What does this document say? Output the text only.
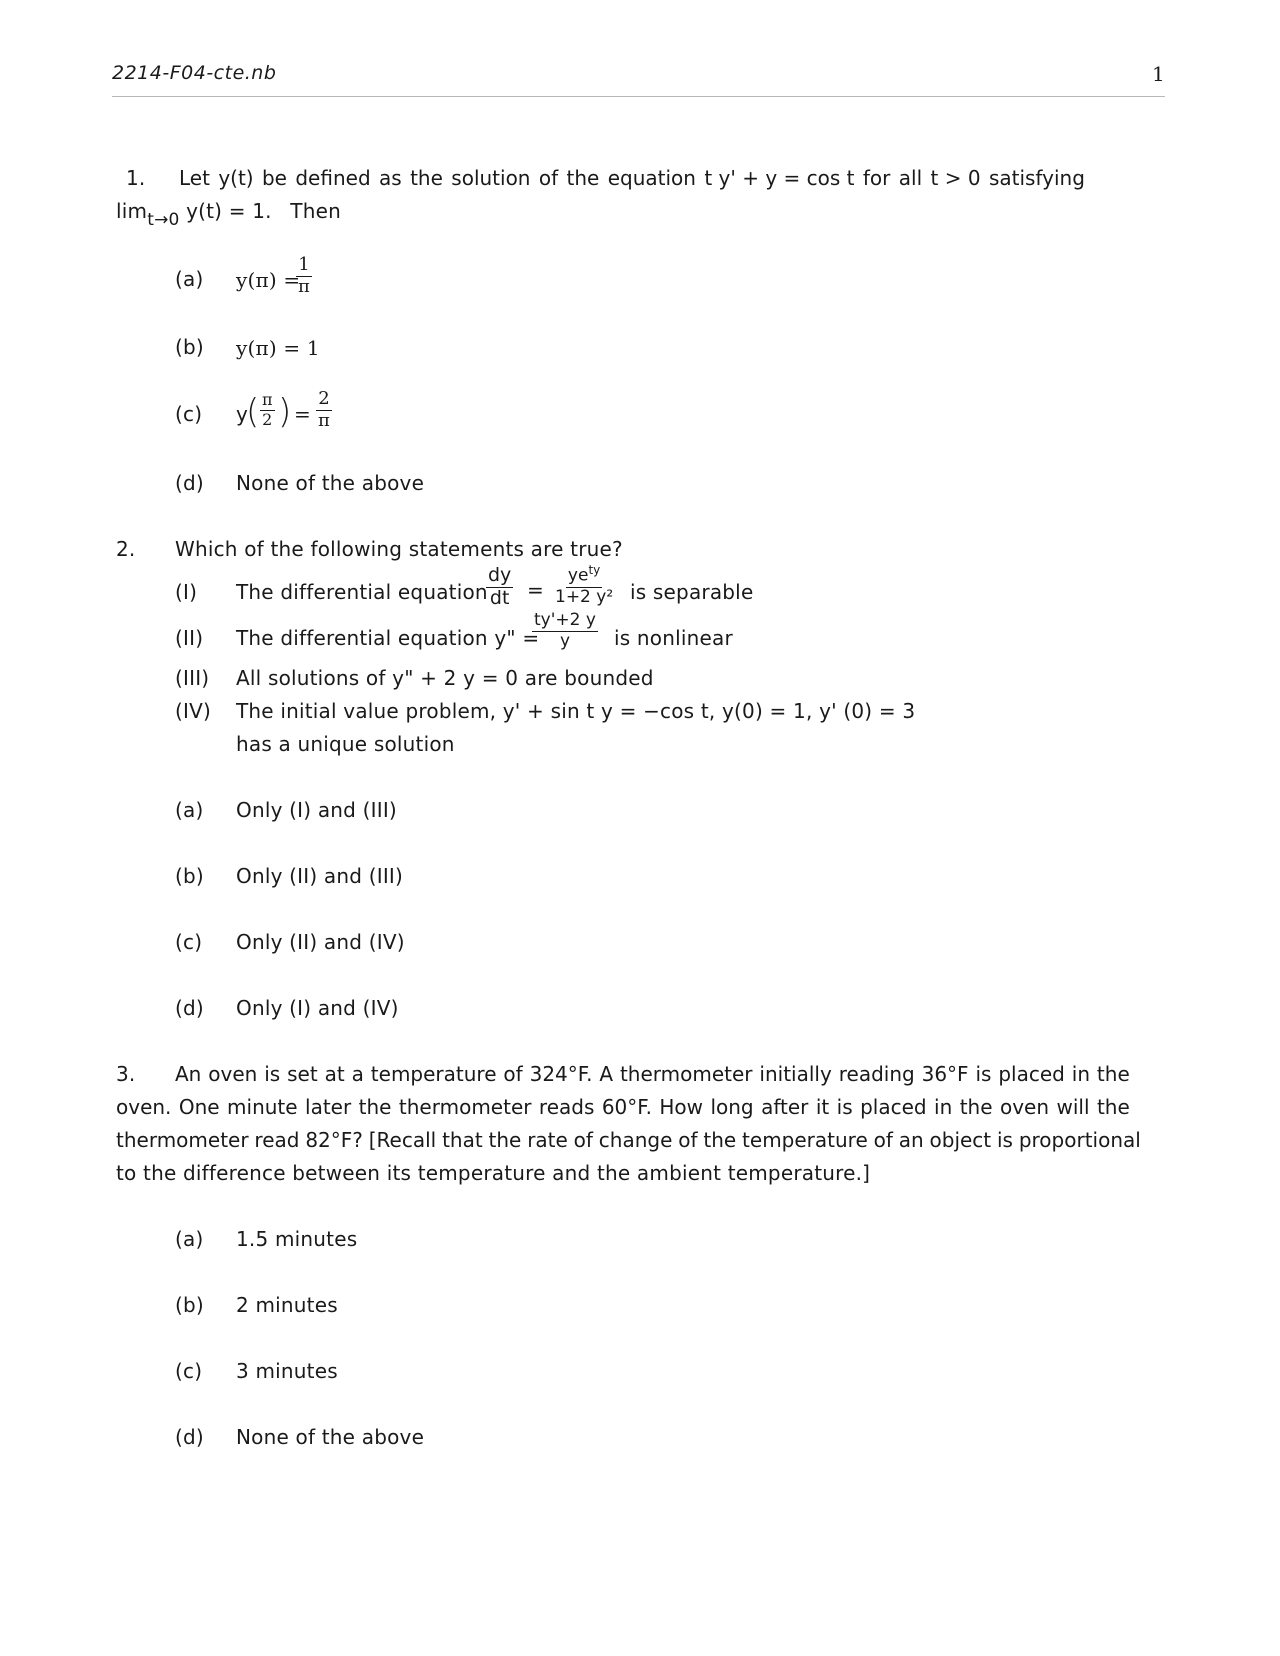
2214-F04-cte.nb	1
1. Let y(t) be defined as the solution of the equation t y' + y = cos t for all t > 0 satisfying
$\lim_{t\to 0} y(t) = 1$. Then
(a) y(π) =
$\frac{1}{\pi}$
(b) y(π) = 1
(c) y
( $\frac{\pi}{2}$ ) = $\frac{2}{\pi}$
(d) None of the above
2. Which of the following statements are true?
(I) The differential equation
$\frac{dy}{dt}$ =
$ye^{ty}$
1+2 y² is separable
(II) The differential equation y" =
$\frac{ty'+2 y}{y}$ is nonlinear
(III) All solutions of y" + 2 y = 0 are bounded
(IV) The initial value problem, y' + sin t y = −cos t, y(0) = 1, y' (0) = 3
has a unique solution
(a) Only (I) and (III)
(b) Only (II) and (III)
(c) Only (II) and (IV)
(d) Only (I) and (IV)
3. An oven is set at a temperature of 324°F. A thermometer initially reading 36°F is placed in the
oven. One minute later the thermometer reads 60°F. How long after it is placed in the oven will the
thermometer read 82°F? [Recall that the rate of change of the temperature of an object is proportional
to the difference between its temperature and the ambient temperature.]
(a) 1.5 minutes
(b) 2 minutes
(c) 3 minutes
(d) None of the above
